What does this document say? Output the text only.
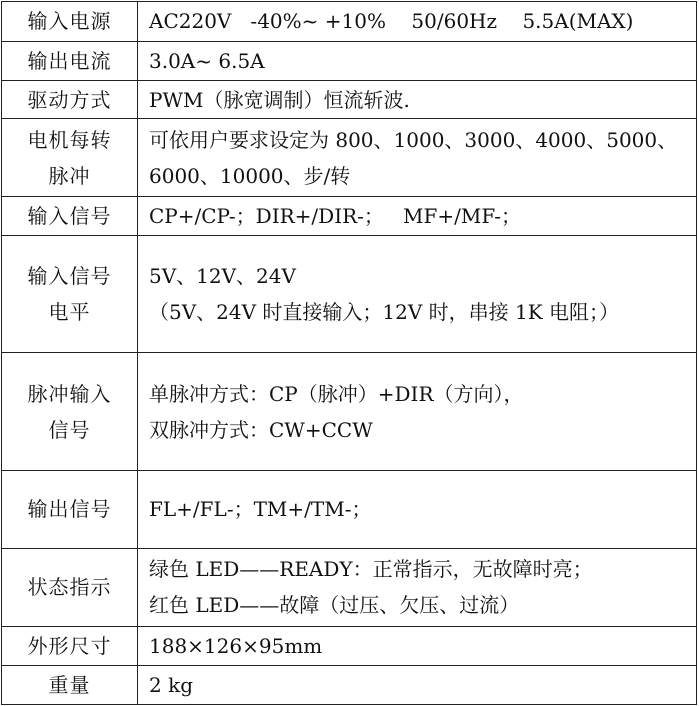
输入电源	AC220V   -40%~ +10%    50/60Hz    5.5A(MAX)

输出电流	3.0A~ 6.5A

驱动方式	PWM（脉宽调制）恒流斩波.

电机每转
脉冲	可依用户要求设定为 800、1000、3000、4000、5000、
6000、10000、步/转

输入信号	CP+/CP-；DIR+/DIR-；   MF+/MF-；

输入信号
电平	5V、12V、24V
（5V、24V 时直接输入；12V 时，串接 1K 电阻；）

脉冲输入
信号	单脉冲方式：CP（脉冲）+DIR（方向），
双脉冲方式：CW+CCW

输出信号	FL+/FL-；TM+/TM-；

状态指示	绿色 LED——READY：正常指示，无故障时亮；
红色 LED——故障（过压、欠压、过流）

外形尺寸	188×126×95mm

重量	2 kg
